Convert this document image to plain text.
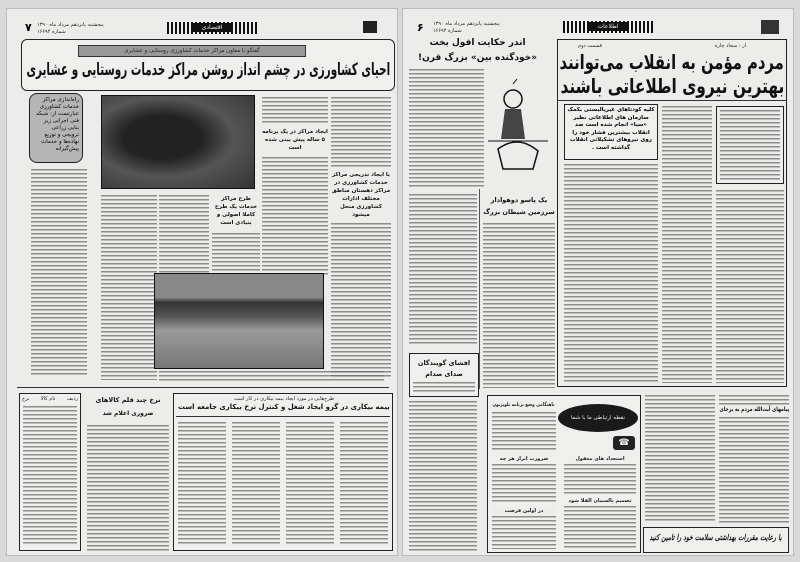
۷ پنجشنبه پانزدهم مرداد ماه ۱۳۹۰
شماره ۱۶۶۹۴
اقتصادی
گفتگو با معاون مراکز خدمات کشاورزی روستایی و عشایری
احیای کشاورزی در چشم انداز روشن مراکز خدمات روستایی و عشایری
راه‌اندازی مراکز خدمات کشاورزی عبارتست از: شبکه فنی اجرایی زیر بنایی زراعی ترویجی و توزیع نهاده‌ها و خدمات پیش‌گیرانه
ایجاد مراکز در یک برنامه ۵ ساله پیش بینی شده است
با ایجاد تدریجی مراکز خدمات کشاورزی در مراکز دهستان مناطق مختلف ادارات کشاورزی منحل میشود
طرح مراکز خدمات یک طرح کاملا اصولی و بنیادی است
ردیف
نام کالا
نرخ	نرخ چند قلم کالاهای
ضروری اعلام شد
طرح‌هایی در مورد ایجاد بیمه بیکاری در کار است
بیمه بیکاری در گرو ایجاد شغل و کنترل نرخ بیکاری جامعه است
۶ پنجشنبه پانزدهم مرداد ماه ۱۳۹۰
شماره ۱۶۶۹۴
اطلاعات
اندر حکایت افول بخت
«خودگنده بین» بزرگ قرن!
یک پاسو دوهوادار
سرزمین شیطان بزرگ
افشای گویندگان
صدای صدام
از : سجاد چاره
قسمت دوم
مردم مؤمن به انقلاب می‌توانند
بهترین نیروی اطلاعاتی باشند
کلیه کودتاهای غیرپالیستی بکمک سازمان های اطلاعاتی نظیر «سیا» انجام شده است ضد انقلاب بیشترین فشار خود را روی نیروهای تشکیلاتی انقلاب گذاشته است .
نقطه ارتباطی ما با شما
☎
ناهنگامی وضع برنامه تلویزیون
ضرورت ابراز هر چه
در اولین فرصت
استعداد های مغفول
تصمیم پالسمان الفلا شود
پیامهای آیت‌الله مردم به برجای
با رعایت مقررات بهداشتی سلامت خود را تامین کنید
